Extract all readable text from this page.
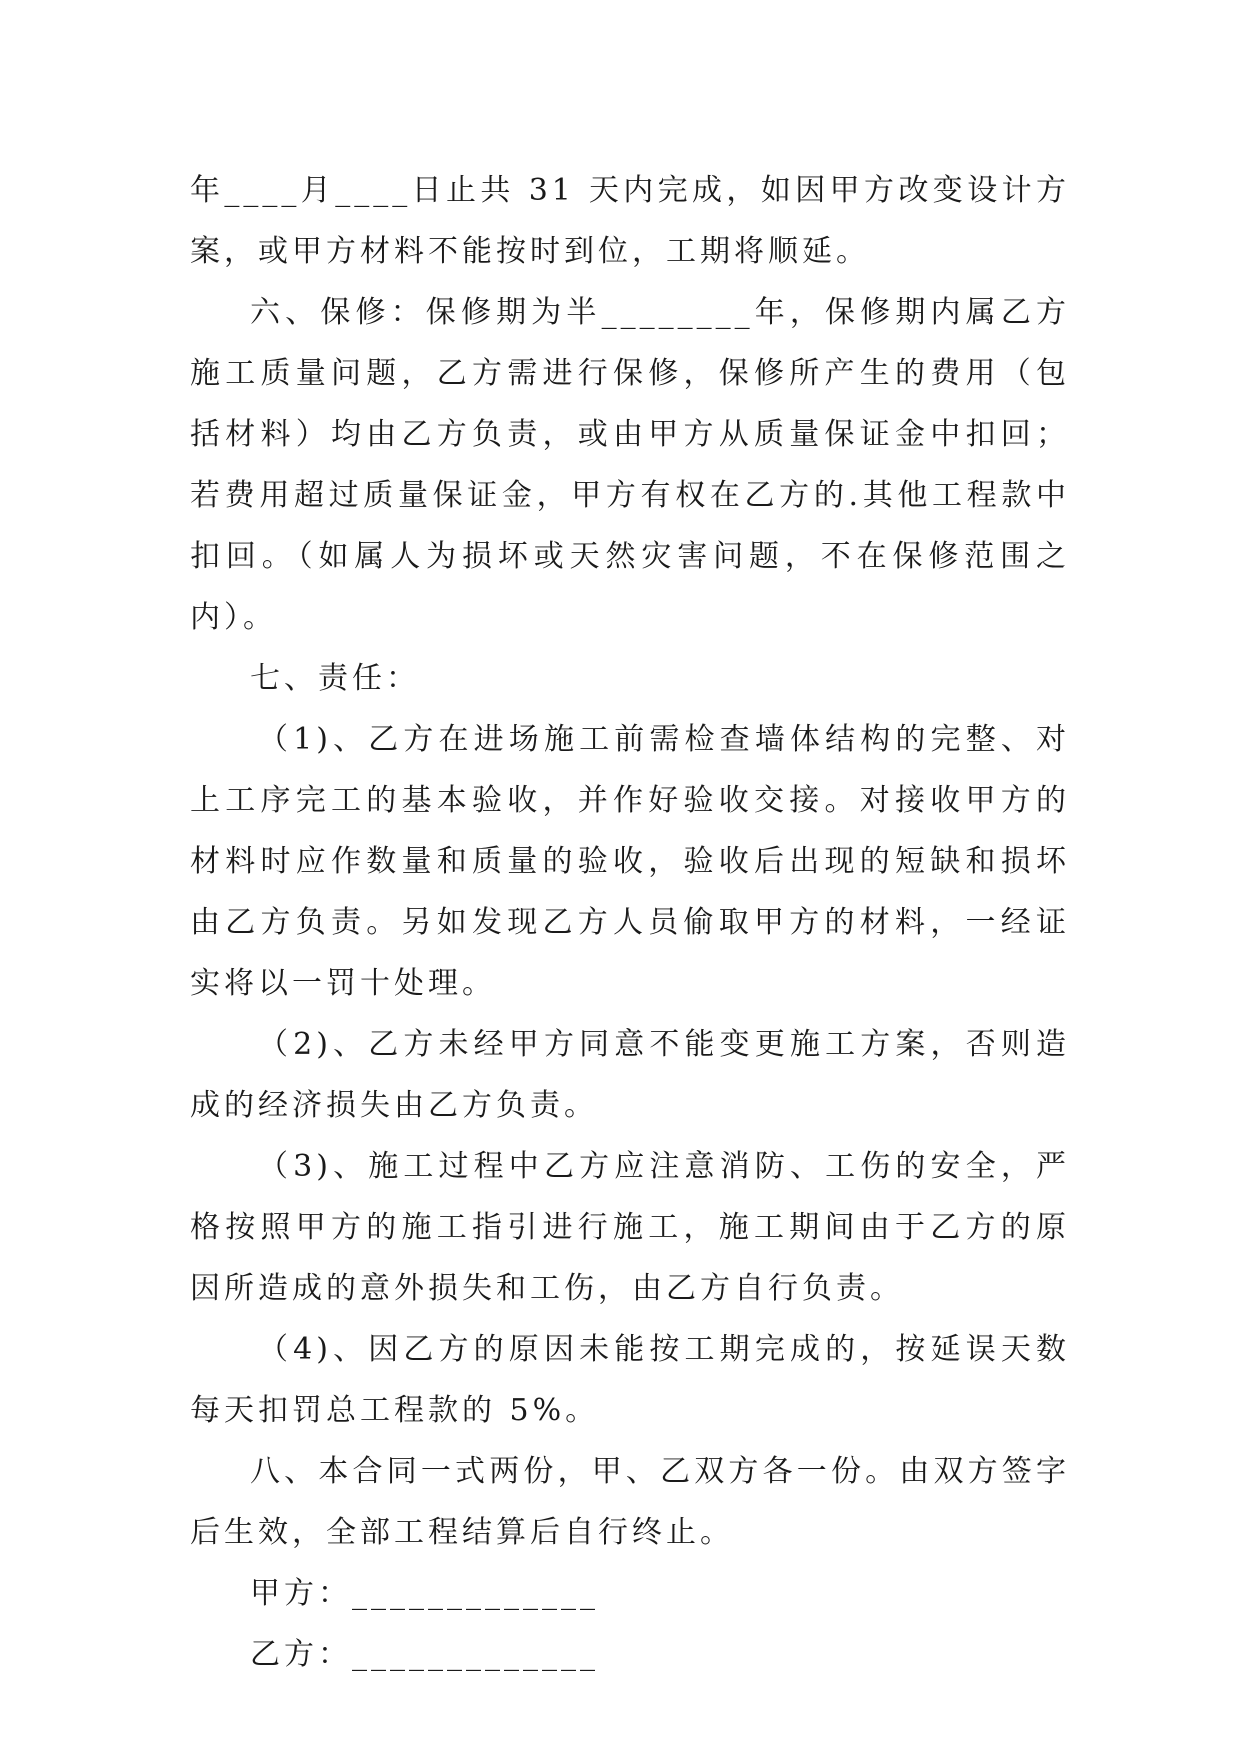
年____月____日止共 31 天内完成，如因甲方改变设计方案，或甲方材料不能按时到位，工期将顺延。

六、保修：保修期为半________年，保修期内属乙方施工质量问题，乙方需进行保修，保修所产生的费用（包括材料）均由乙方负责，或由甲方从质量保证金中扣回；若费用超过质量保证金，甲方有权在乙方的.其他工程款中扣回。（如属人为损坏或天然灾害问题，不在保修范围之内）。

七、责任：

（1)、乙方在进场施工前需检查墙体结构的完整、对上工序完工的基本验收，并作好验收交接。对接收甲方的材料时应作数量和质量的验收，验收后出现的短缺和损坏由乙方负责。另如发现乙方人员偷取甲方的材料，一经证实将以一罚十处理。

（2)、乙方未经甲方同意不能变更施工方案，否则造成的经济损失由乙方负责。

（3)、施工过程中乙方应注意消防、工伤的安全，严格按照甲方的施工指引进行施工，施工期间由于乙方的原因所造成的意外损失和工伤，由乙方自行负责。

（4)、因乙方的原因未能按工期完成的，按延误天数每天扣罚总工程款的 5%。

八、本合同一式两份，甲、乙双方各一份。由双方签字后生效，全部工程结算后自行终止。

甲方：_____________

乙方：_____________
